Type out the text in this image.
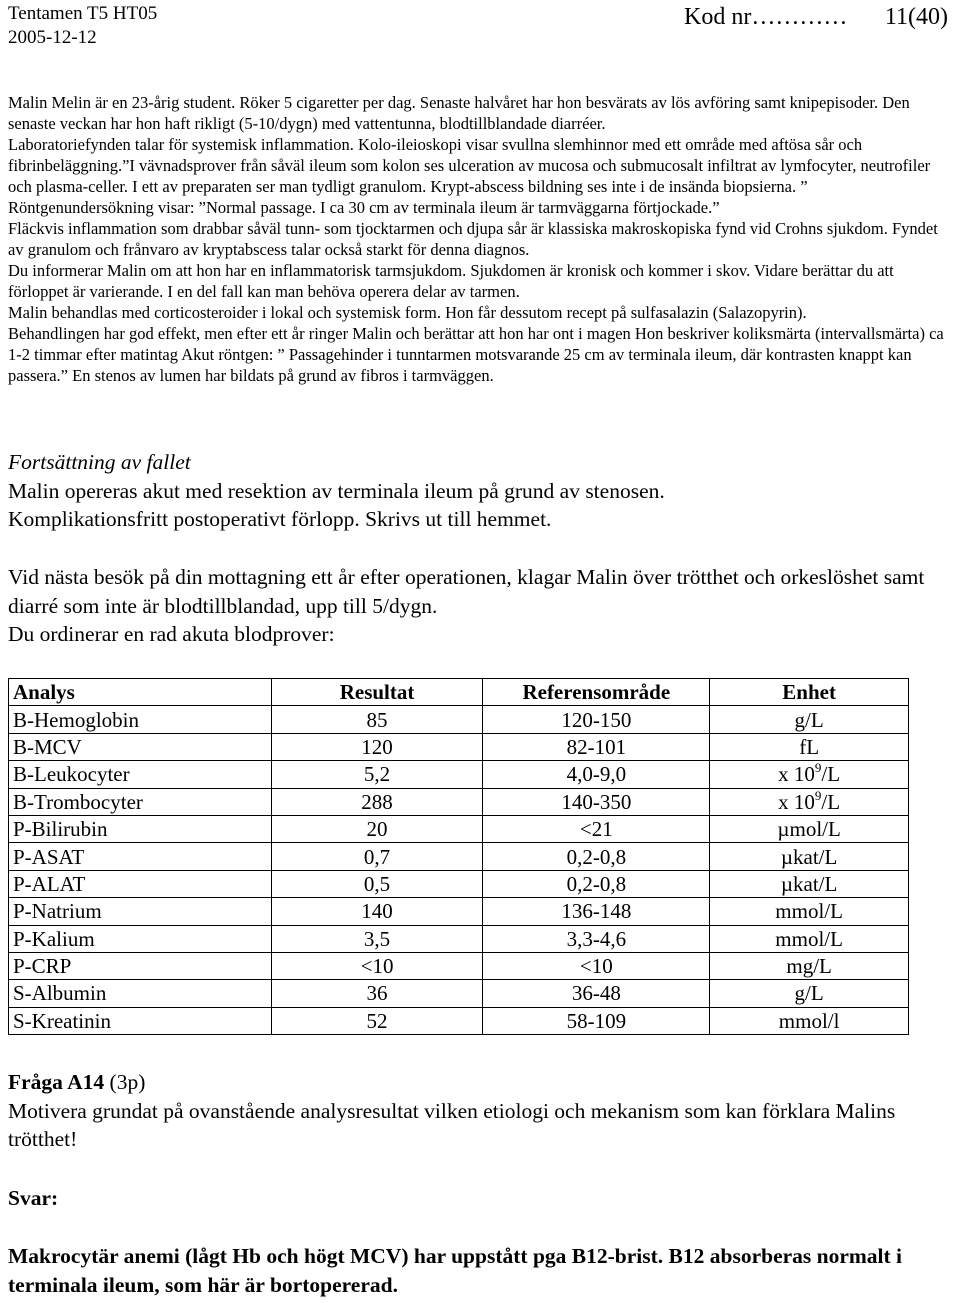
Tentamen T5 HT05
2005-12-12
Kod nr………… 11(40)

Malin Melin är en 23-årig student. Röker 5 cigaretter per dag. Senaste halvåret har hon besvärats av lös avföring samt knipepisoder. Den senaste veckan har hon haft rikligt (5-10/dygn) med vattentunna, blodtillblandade diarréer.

Laboratoriefynden talar för systemisk inflammation. Kolo-ileioskopi visar svullna slemhinnor med ett område med aftösa sår och fibrinbeläggning.”I vävnadsprover från såväl ileum som kolon ses ulceration av mucosa och submucosalt infiltrat av lymfocyter, neutrofiler och plasma-celler. I ett av preparaten ser man tydligt granulom. Krypt-abscess bildning ses inte i de insända biopsierna. ” Röntgenundersökning visar: ”Normal passage. I ca 30 cm av terminala ileum är tarmväggarna förtjockade.”

Fläckvis inflammation som drabbar såväl tunn- som tjocktarmen och djupa sår är klassiska makroskopiska fynd vid Crohns sjukdom. Fyndet av granulom och frånvaro av kryptabscess talar också starkt för denna diagnos.

Du informerar Malin om att hon har en inflammatorisk tarmsjukdom. Sjukdomen är kronisk och kommer i skov. Vidare berättar du att förloppet är varierande. I en del fall kan man behöva operera delar av tarmen.

Malin behandlas med corticosteroider i lokal och systemisk form. Hon får dessutom recept på sulfasalazin (Salazopyrin).

Behandlingen har god effekt, men efter ett år ringer Malin och berättar att hon har ont i magen Hon beskriver koliksmärta (intervallsmärta) ca 1-2 timmar efter matintag Akut röntgen: ” Passagehinder i tunntarmen motsvarande 25 cm av terminala ileum, där kontrasten knappt kan passera.” En stenos av lumen har bildats på grund av fibros i tarmväggen.

Fortsättning av fallet

Malin opereras akut med resektion av terminala ileum på grund av stenosen.

Komplikationsfritt postoperativt förlopp. Skrivs ut till hemmet.

Vid nästa besök på din mottagning ett år efter operationen, klagar Malin över trötthet och orkeslöshet samt diarré som inte är blodtillblandad, upp till 5/dygn.

Du ordinerar en rad akuta blodprover:

Analys	Resultat	Referensområde	Enhet
B-Hemoglobin	85	120-150	g/L
B-MCV	120	82-101	fL
B-Leukocyter	5,2	4,0-9,0	x $10^9/L$
B-Trombocyter	288	140-350	x $10^9/L$
P-Bilirubin	20	<21	µmol/L
P-ASAT	0,7	0,2-0,8	µkat/L
P-ALAT	0,5	0,2-0,8	µkat/L
P-Natrium	140	136-148	mmol/L
P-Kalium	3,5	3,3-4,6	mmol/L
P-CRP	<10	<10	mg/L
S-Albumin	36	36-48	g/L
S-Kreatinin	52	58-109	mmol/l

Fråga A14 (3p)

Motivera grundat på ovanstående analysresultat vilken etiologi och mekanism som kan förklara Malins trötthet!

Svar:

Makrocytär anemi (lågt Hb och högt MCV) har uppstått pga B12-brist. B12 absorberas normalt i terminala ileum, som här är bortopererad.
